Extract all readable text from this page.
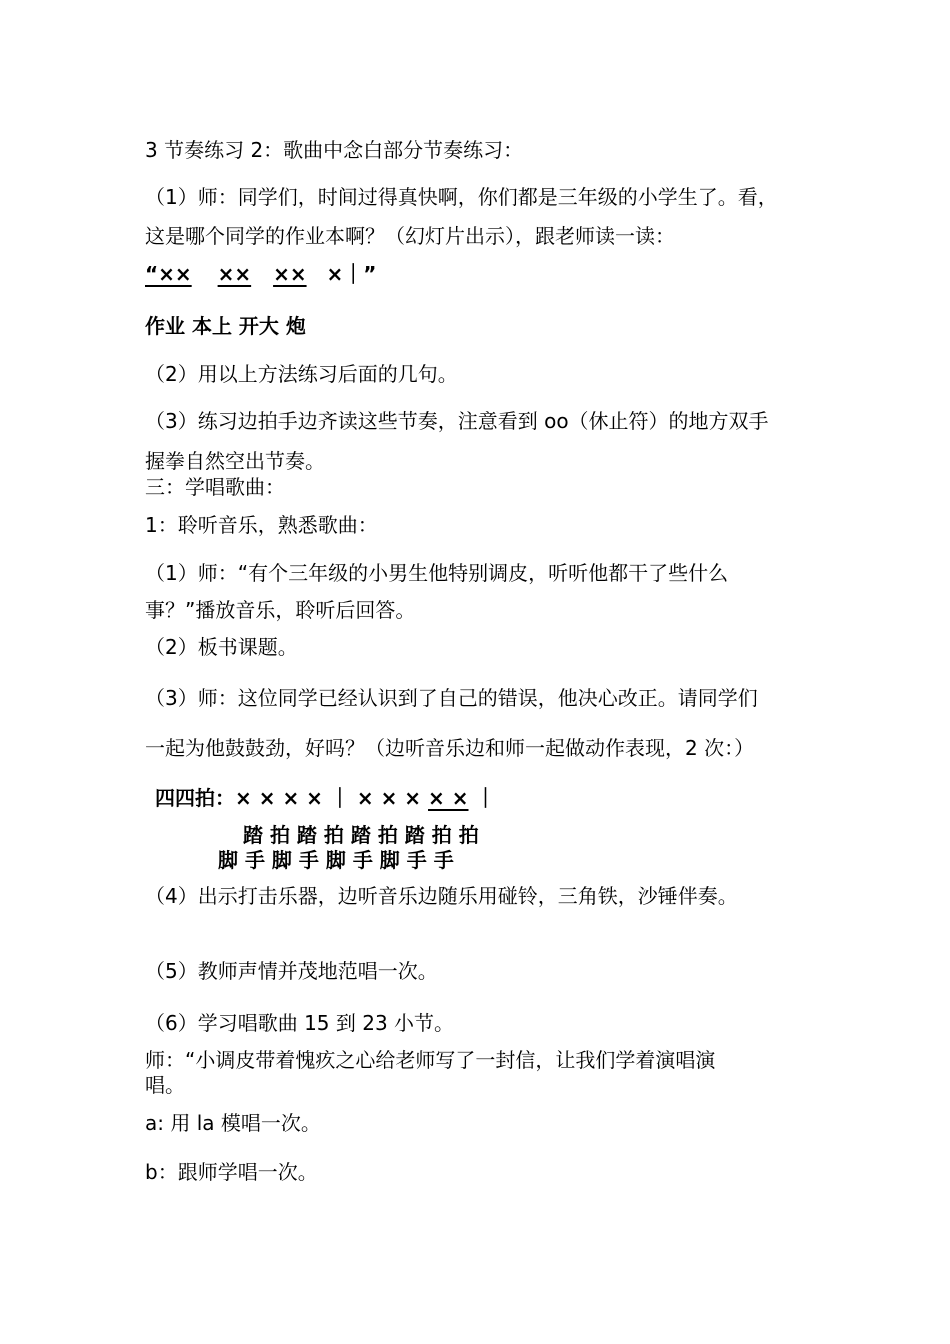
3 节奏练习 2：歌曲中念白部分节奏练习：
（1）师：同学们，时间过得真快啊，你们都是三年级的小学生了。看，
这是哪个同学的作业本啊？（幻灯片出示），跟老师读一读：
“×× ×× ×× ×｜”
作业 本上 开大 炮
（2）用以上方法练习后面的几句。
（3）练习边拍手边齐读这些节奏，注意看到 oo（休止符）的地方双手
握拳自然空出节奏。
三：学唱歌曲：
1：聆听音乐，熟悉歌曲：
（1）师：“有个三年级的小男生他特别调皮，听听他都干了些什么
事？”播放音乐，聆听后回答。
（2）板书课题。
（3）师：这位同学已经认识到了自己的错误，他决心改正。请同学们
一起为他鼓鼓劲，好吗？（边听音乐边和师一起做动作表现，2 次：）
四四拍：× × × × ｜ × × × × × ｜
踏 拍 踏 拍 踏 拍 踏 拍 拍
脚 手 脚 手 脚 手 脚 手 手
（4）出示打击乐器，边听音乐边随乐用碰铃，三角铁，沙锤伴奏。
（5）教师声情并茂地范唱一次。
（6）学习唱歌曲 15 到 23 小节。
师：“小调皮带着愧疚之心给老师写了一封信，让我们学着演唱演
唱。
a: 用 la 模唱一次。
b：跟师学唱一次。
